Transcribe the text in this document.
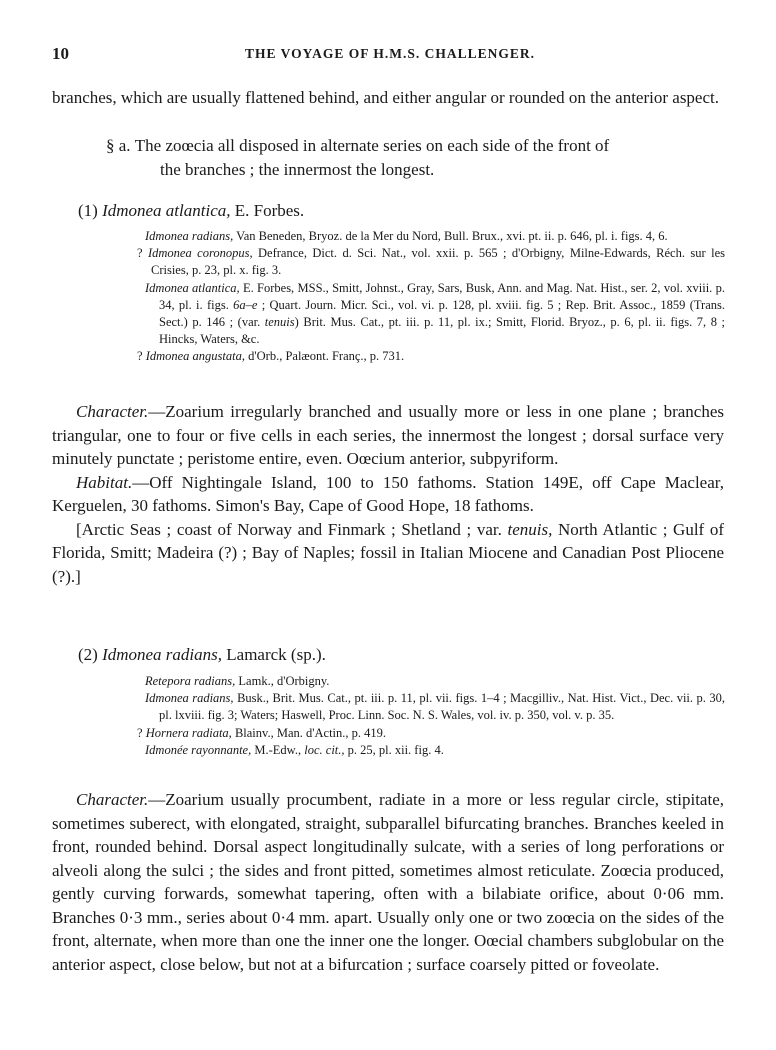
10	THE VOYAGE OF H.M.S. CHALLENGER.
branches, which are usually flattened behind, and either angular or rounded on the anterior aspect.
§ a. The zoœcia all disposed in alternate series on each side of the front of
the branches ; the innermost the longest.
(1) Idmonea atlantica, E. Forbes.
Idmonea radians, Van Beneden, Bryoz. de la Mer du Nord, Bull. Brux., xvi. pt. ii. p. 646, pl. i. figs. 4, 6.
? Idmonea coronopus, Defrance, Dict. d. Sci. Nat., vol. xxii. p. 565 ; d'Orbigny, Milne-Edwards, Réch. sur les Crisies, p. 23, pl. x. fig. 3.
Idmonea atlantica, E. Forbes, MSS., Smitt, Johnst., Gray, Sars, Busk, Ann. and Mag. Nat. Hist., ser. 2, vol. xviii. p. 34, pl. i. figs. 6a–e ; Quart. Journ. Micr. Sci., vol. vi. p. 128, pl. xviii. fig. 5 ; Rep. Brit. Assoc., 1859 (Trans. Sect.) p. 146 ; (var. tenuis) Brit. Mus. Cat., pt. iii. p. 11, pl. ix.; Smitt, Florid. Bryoz., p. 6, pl. ii. figs. 7, 8 ; Hincks, Waters, &c.
? Idmonea angustata, d'Orb., Palæont. Franç., p. 731.

Character.—Zoarium irregularly branched and usually more or less in one plane ; branches triangular, one to four or five cells in each series, the innermost the longest ; dorsal surface very minutely punctate ; peristome entire, even. Oœcium anterior, subpyriform.

Habitat.—Off Nightingale Island, 100 to 150 fathoms. Station 149E, off Cape Maclear, Kerguelen, 30 fathoms. Simon's Bay, Cape of Good Hope, 18 fathoms.

[Arctic Seas ; coast of Norway and Finmark ; Shetland ; var. tenuis, North Atlantic ; Gulf of Florida, Smitt; Madeira (?) ; Bay of Naples; fossil in Italian Miocene and Canadian Post Pliocene (?).]

(2) Idmonea radians, Lamarck (sp.).
Retepora radians, Lamk., d'Orbigny.
Idmonea radians, Busk., Brit. Mus. Cat., pt. iii. p. 11, pl. vii. figs. 1–4 ; Macgilliv., Nat. Hist. Vict., Dec. vii. p. 30, pl. lxviii. fig. 3; Waters; Haswell, Proc. Linn. Soc. N. S. Wales, vol. iv. p. 350, vol. v. p. 35.
? Hornera radiata, Blainv., Man. d'Actin., p. 419.
Idmonée rayonnante, M.-Edw., loc. cit., p. 25, pl. xii. fig. 4.

Character.—Zoarium usually procumbent, radiate in a more or less regular circle, stipitate, sometimes suberect, with elongated, straight, subparallel bifurcating branches. Branches keeled in front, rounded behind. Dorsal aspect longitudinally sulcate, with a series of long perforations or alveoli along the sulci ; the sides and front pitted, sometimes almost reticulate. Zoœcia produced, gently curving forwards, somewhat tapering, often with a bilabiate orifice, about 0·06 mm. Branches 0·3 mm., series about 0·4 mm. apart. Usually only one or two zoœcia on the sides of the front, alternate, when more than one the inner one the longer. Oœcial chambers subglobular on the anterior aspect, close below, but not at a bifurcation ; surface coarsely pitted or foveolate.
